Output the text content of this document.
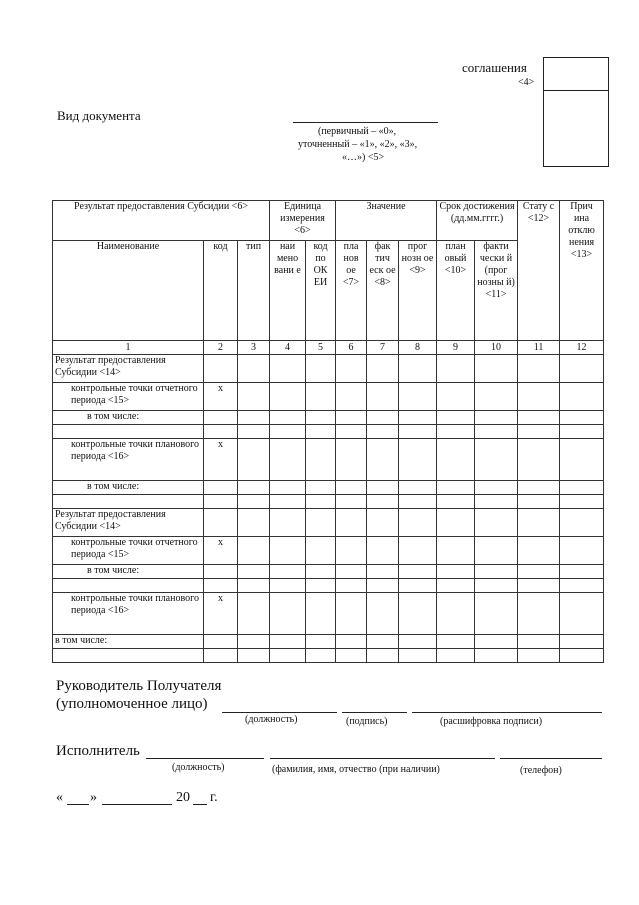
соглашения
<4>
Вид документа
(первичный – «0»,
уточненный – «1», «2», «3»,
«…») <5>
Результат предоставления Субсидии <6>			Единица измерения <6>		Значение			Срок достижения (дд.мм.гггг.)		Стату с <12>	Прич ина отклю нения <13>
Наименование	код	тип	наи мено вани е	код по ОК ЕИ	пла нов ое <7>	фак тич еск ое <8>	прог нозн ое <9>	план овый <10>	факти чески й (прог нозны й) <11>		
1	2	3	4	5	6	7	8	9	10	11	12
Результат предоставления Субсидии <14>											
контрольные точки отчетного периода <15>	x										
в том числе:											

контрольные точки планового периода <16>	x										
в том числе:											

Результат предоставления Субсидии <14>											
контрольные точки отчетного периода <15>	x										
в том числе:											

контрольные точки планового периода <16>	x										
в том числе:											

Руководитель Получателя
(уполномоченное лицо)
(должность)	(подпись)	(расшифровка подписи)
Исполнитель
(должность)	(фамилия, имя, отчество (при наличии)	(телефон)
« »	20 г.
